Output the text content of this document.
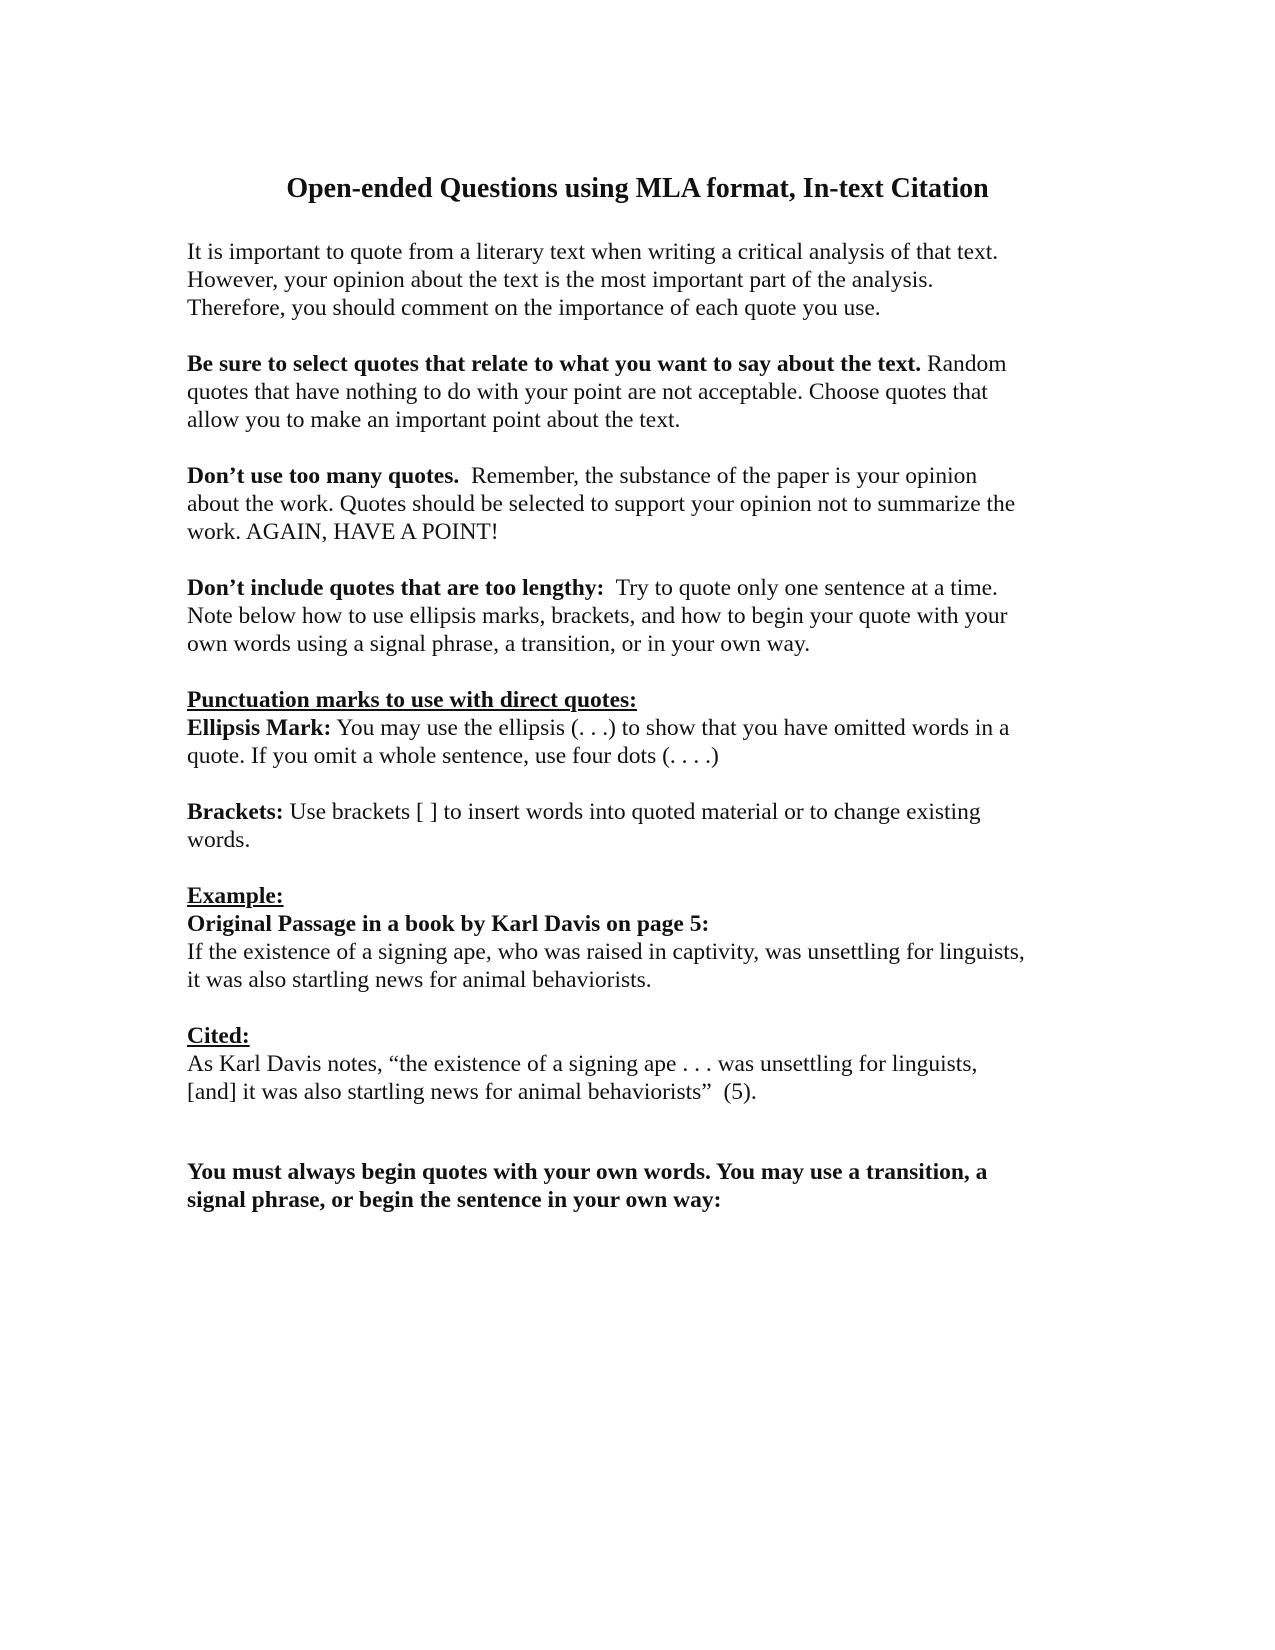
Open-ended Questions using MLA format, In-text Citation

It is important to quote from a literary text when writing a critical analysis of that text.

However, your opinion about the text is the most important part of the analysis.

Therefore, you should comment on the importance of each quote you use.

Be sure to select quotes that relate to what you want to say about the text. Random

quotes that have nothing to do with your point are not acceptable. Choose quotes that

allow you to make an important point about the text.

Don’t use too many quotes.  Remember, the substance of the paper is your opinion

about the work. Quotes should be selected to support your opinion not to summarize the

work. AGAIN, HAVE A POINT!

Don’t include quotes that are too lengthy:  Try to quote only one sentence at a time.

Note below how to use ellipsis marks, brackets, and how to begin your quote with your

own words using a signal phrase, a transition, or in your own way.

Punctuation marks to use with direct quotes:

Ellipsis Mark: You may use the ellipsis (. . .) to show that you have omitted words in a

quote. If you omit a whole sentence, use four dots (. . . .)

Brackets: Use brackets [ ] to insert words into quoted material or to change existing

words.

Example:

Original Passage in a book by Karl Davis on page 5:

If the existence of a signing ape, who was raised in captivity, was unsettling for linguists,

it was also startling news for animal behaviorists.

Cited:

As Karl Davis notes, “the existence of a signing ape . . . was unsettling for linguists,

[and] it was also startling news for animal behaviorists”  (5).

You must always begin quotes with your own words. You may use a transition, a

signal phrase, or begin the sentence in your own way:
